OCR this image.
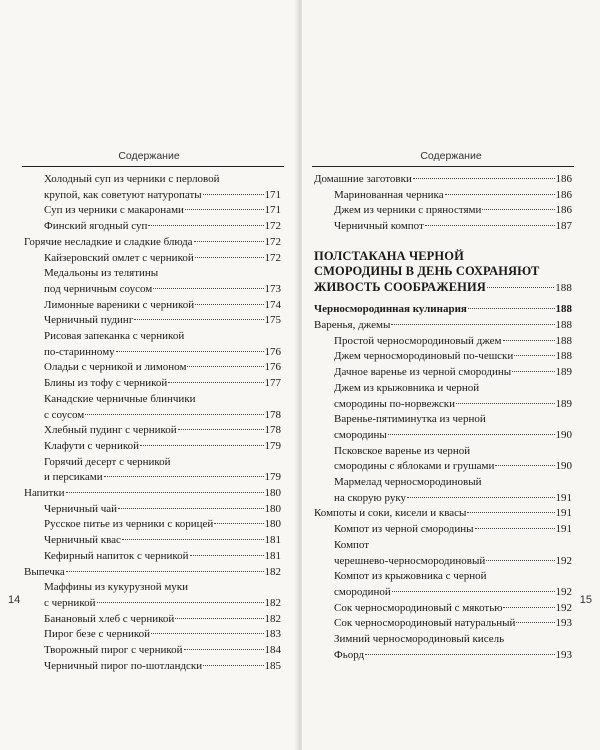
Содержание
Холодный суп из черники с перловой
крупой, как советуют натуропаты	171
Суп из черники с макаронами	171
Финский ягодный суп	172
Горячие несладкие и сладкие блюда	172
Кайзеровский омлет с черникой	172
Медальоны из телятины
под черничным соусом	173
Лимонные вареники с черникой	174
Черничный пудинг	175
Рисовая запеканка с черникой
по-старинному	176
Оладьи с черникой и лимоном	176
Блины из тофу с черникой	177
Канадские черничные блинчики
с соусом	178
Хлебный пудинг с черникой	178
Клафути с черникой	179
Горячий десерт с черникой
и персиками	179
Напитки	180
Черничный чай	180
Русское питье из черники с корицей	180
Черничный квас	181
Кефирный напиток с черникой	181
Выпечка	182
Маффины из кукурузной муки
с черникой	182
Банановый хлеб с черникой	182
Пирог безе с черникой	183
Творожный пирог с черникой	184
Черничный пирог по-шотландски	185
14
Содержание
Домашние заготовки	186
Маринованная черника	186
Джем из черники с пряностями	186
Черничный компот	187
ПОЛСТАКАНА ЧЕРНОЙ
СМОРОДИНЫ В ДЕНЬ СОХРАНЯЮТ
ЖИВОСТЬ СООБРАЖЕНИЯ	188
Черносмородинная кулинария	188
Варенья, джемы	188
Простой черносмородиновый джем	188
Джем черносмородиновый по-чешски	188
Дачное варенье из черной смородины	189
Джем из крыжовника и черной
смородины по-норвежски	189
Варенье-пятиминутка из черной
смородины	190
Псковское варенье из черной
смородины с яблоками и грушами	190
Мармелад черносмородиновый
на скорую руку	191
Компоты и соки, кисели и квасы	191
Компот из черной смородины	191
Компот
черешнево-черносмородиновый	192
Компот из крыжовника с черной
смородиной	192
Сок черносмородиновый с мякотью	192
Сок черносмородиновый натуральный	193
Зимний черносмородиновый кисель
Фьорд	193
15
